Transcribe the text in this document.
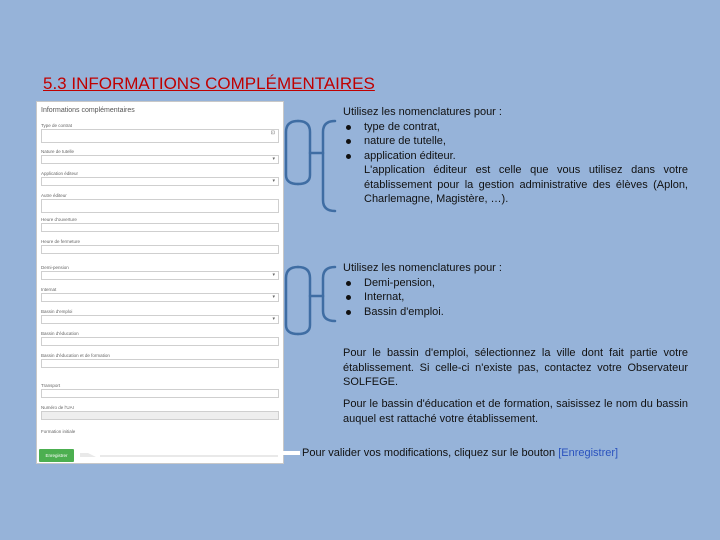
5.3 INFORMATIONS COMPLÉMENTAIRES
Informations complémentaires
Type de contrat
⊡
Nature de tutelle
▾
Application éditeur
▾
Autre éditeur
Heure d'ouverture
Heure de fermeture
Demi-pension
▾
Internat
▾
Bassin d'emploi
▾
Bassin d'éducation
Bassin d'éducation et de formation
Transport
Numéro de l'UAI
Formation initiale
Enregistrer
Utilisez les nomenclatures pour :
type de contrat,
nature de tutelle,
application éditeur.
L'application éditeur est celle que vous utilisez dans votre établissement pour la gestion administrative des élèves (Aplon, Charlemagne, Magistère, …).
Utilisez les nomenclatures pour :
Demi-pension,
Internat,
Bassin d'emploi.
Pour le bassin d'emploi, sélectionnez la ville dont fait partie votre établissement. Si celle-ci n'existe pas, contactez votre Observateur SOLFEGE.
Pour le bassin d'éducation et de formation, saisissez le nom du bassin auquel est rattaché votre établissement.
Pour valider vos modifications, cliquez sur le bouton [Enregistrer]
